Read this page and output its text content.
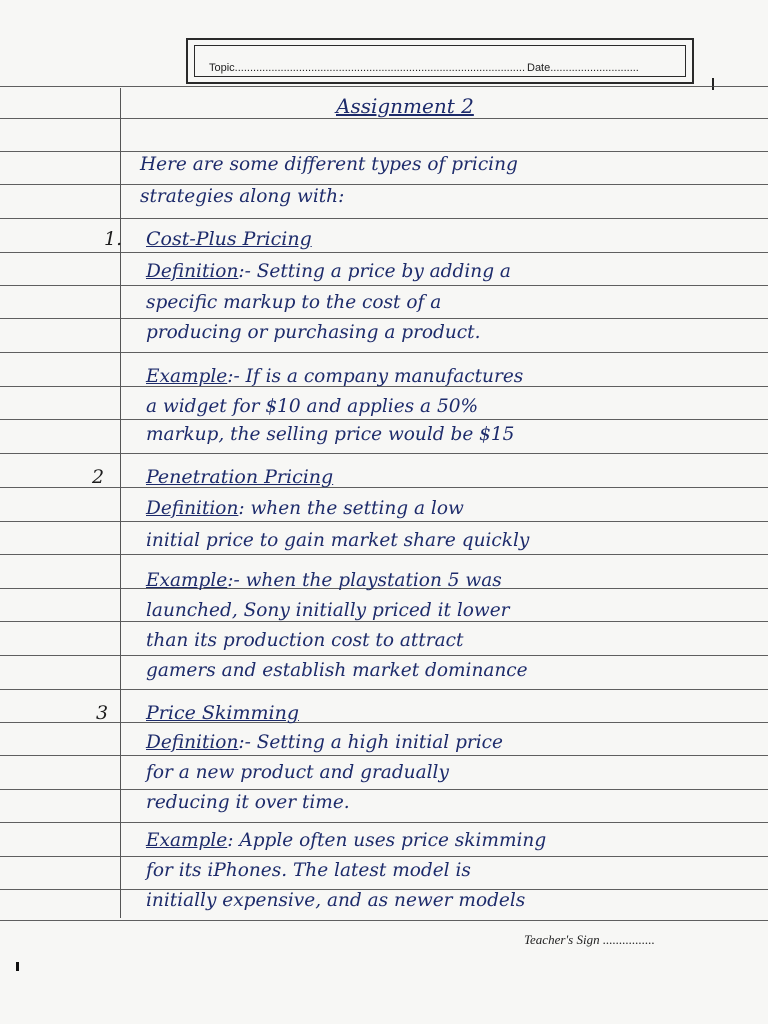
Topic............................................................................................... Date.............................
Assignment 2
Here are some different types of pricing
strategies along with:
1. Cost-Plus Pricing
Definition:- Setting a price by adding a
specific markup to the cost of a
producing or purchasing a product.
Example:- If is a company manufactures
a widget for $10 and applies a 50%
markup, the selling price would be $15
2 Penetration Pricing
Definition: when the setting a low
initial price to gain market share quickly
Example:- when the playstation 5 was
launched, Sony initially priced it lower
than its production cost to attract
gamers and establish market dominance
3 Price Skimming
Definition:- Setting a high initial price
for a new product and gradually
reducing it over time.
Example: Apple often uses price skimming
for its iPhones. The latest model is
initially expensive, and as newer models
Teacher's Sign ................
